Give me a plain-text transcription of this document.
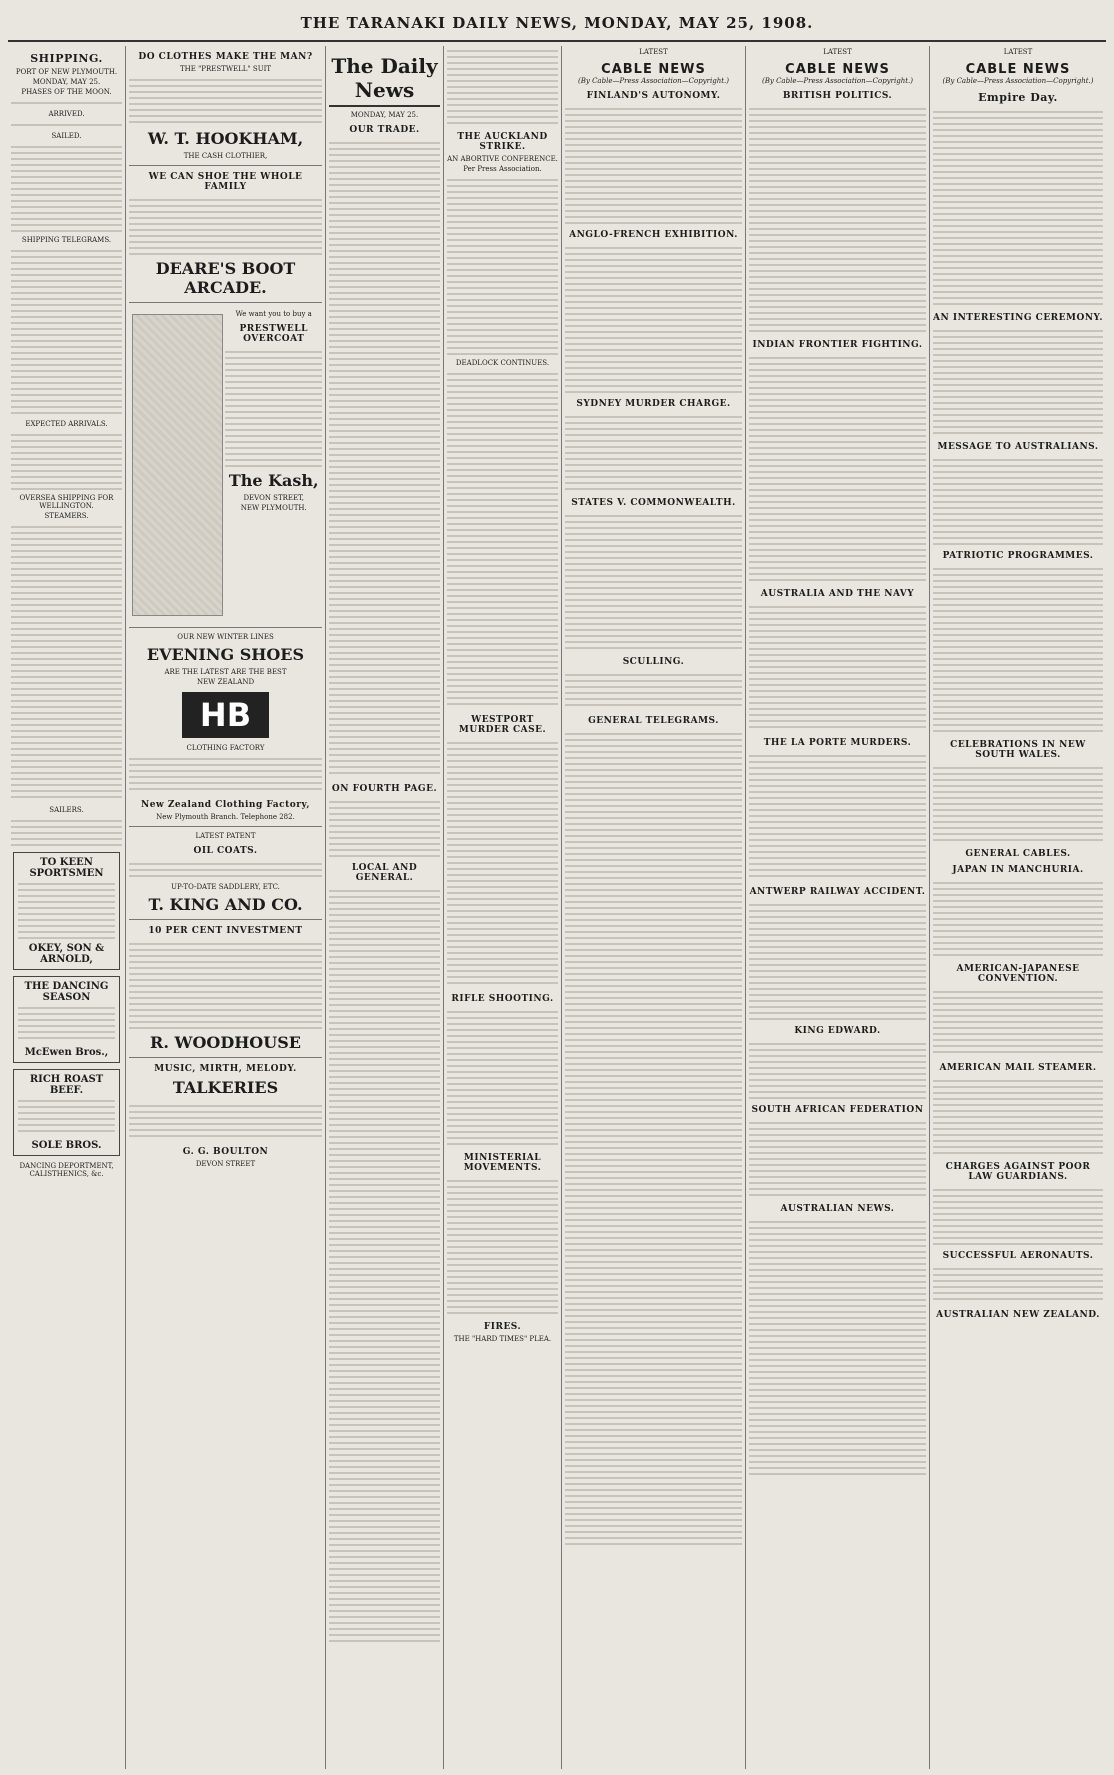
THE TARANAKI DAILY NEWS, MONDAY, MAY 25, 1908.
SHIPPING.
PORT OF NEW PLYMOUTH.
MONDAY, MAY 25.
PHASES OF THE MOON.

ARRIVED.

SAILED.

SHIPPING TELEGRAMS.

EXPECTED ARRIVALS.

OVERSEA SHIPPING FOR WELLINGTON.
STEAMERS.

SAILERS.

TO KEEN SPORTSMEN

OKEY, SON & ARNOLD,
THE DANCING SEASON

McEwen Bros.,
RICH ROAST BEEF.

SOLE BROS.
DANCING DEPORTMENT, CALISTHENICS, &c.
DO CLOTHES MAKE THE MAN?
THE "PRESTWELL" SUIT

W. T. HOOKHAM,
THE CASH CLOTHIER,
WE CAN SHOE THE WHOLE FAMILY

DEARE'S BOOT ARCADE.
We want you to buy a
PRESTWELL OVERCOAT

The Kash,
DEVON STREET,
NEW PLYMOUTH.
OUR NEW WINTER LINES
EVENING SHOES
ARE THE LATEST ARE THE BEST
NEW ZEALAND
HB
CLOTHING FACTORY

New Zealand Clothing Factory,
New Plymouth Branch. Telephone 282.
LATEST PATENT
OIL COATS.

UP-TO-DATE SADDLERY, ETC.
T. KING AND CO.
10 PER CENT INVESTMENT

R. WOODHOUSE
MUSIC, MIRTH, MELODY.
TALKERIES

G. G. BOULTON
DEVON STREET
The Daily News
MONDAY, MAY 25.
OUR TRADE.

ON FOURTH PAGE.

LOCAL AND GENERAL.

THE AUCKLAND STRIKE.
AN ABORTIVE CONFERENCE.
Per Press Association.

DEADLOCK CONTINUES.

WESTPORT MURDER CASE.

RIFLE SHOOTING.

MINISTERIAL MOVEMENTS.

FIRES.
THE "HARD TIMES" PLEA.
LATEST
CABLE NEWS
(By Cable—Press Association—Copyright.)
FINLAND'S AUTONOMY.

ANGLO-FRENCH EXHIBITION.

SYDNEY MURDER CHARGE.

STATES V. COMMONWEALTH.

SCULLING.

GENERAL TELEGRAMS.

LATEST
CABLE NEWS
(By Cable—Press Association—Copyright.)
BRITISH POLITICS.

INDIAN FRONTIER FIGHTING.

AUSTRALIA AND THE NAVY

THE LA PORTE MURDERS.

ANTWERP RAILWAY ACCIDENT.

KING EDWARD.

SOUTH AFRICAN FEDERATION

AUSTRALIAN NEWS.

LATEST
CABLE NEWS
(By Cable—Press Association—Copyright.)
Empire Day.

AN INTERESTING CEREMONY.

MESSAGE TO AUSTRALIANS.

PATRIOTIC PROGRAMMES.

CELEBRATIONS IN NEW SOUTH WALES.

GENERAL CABLES.
JAPAN IN MANCHURIA.

AMERICAN-JAPANESE CONVENTION.

AMERICAN MAIL STEAMER.

CHARGES AGAINST POOR LAW GUARDIANS.

SUCCESSFUL AERONAUTS.

AUSTRALIAN NEW ZEALAND.
